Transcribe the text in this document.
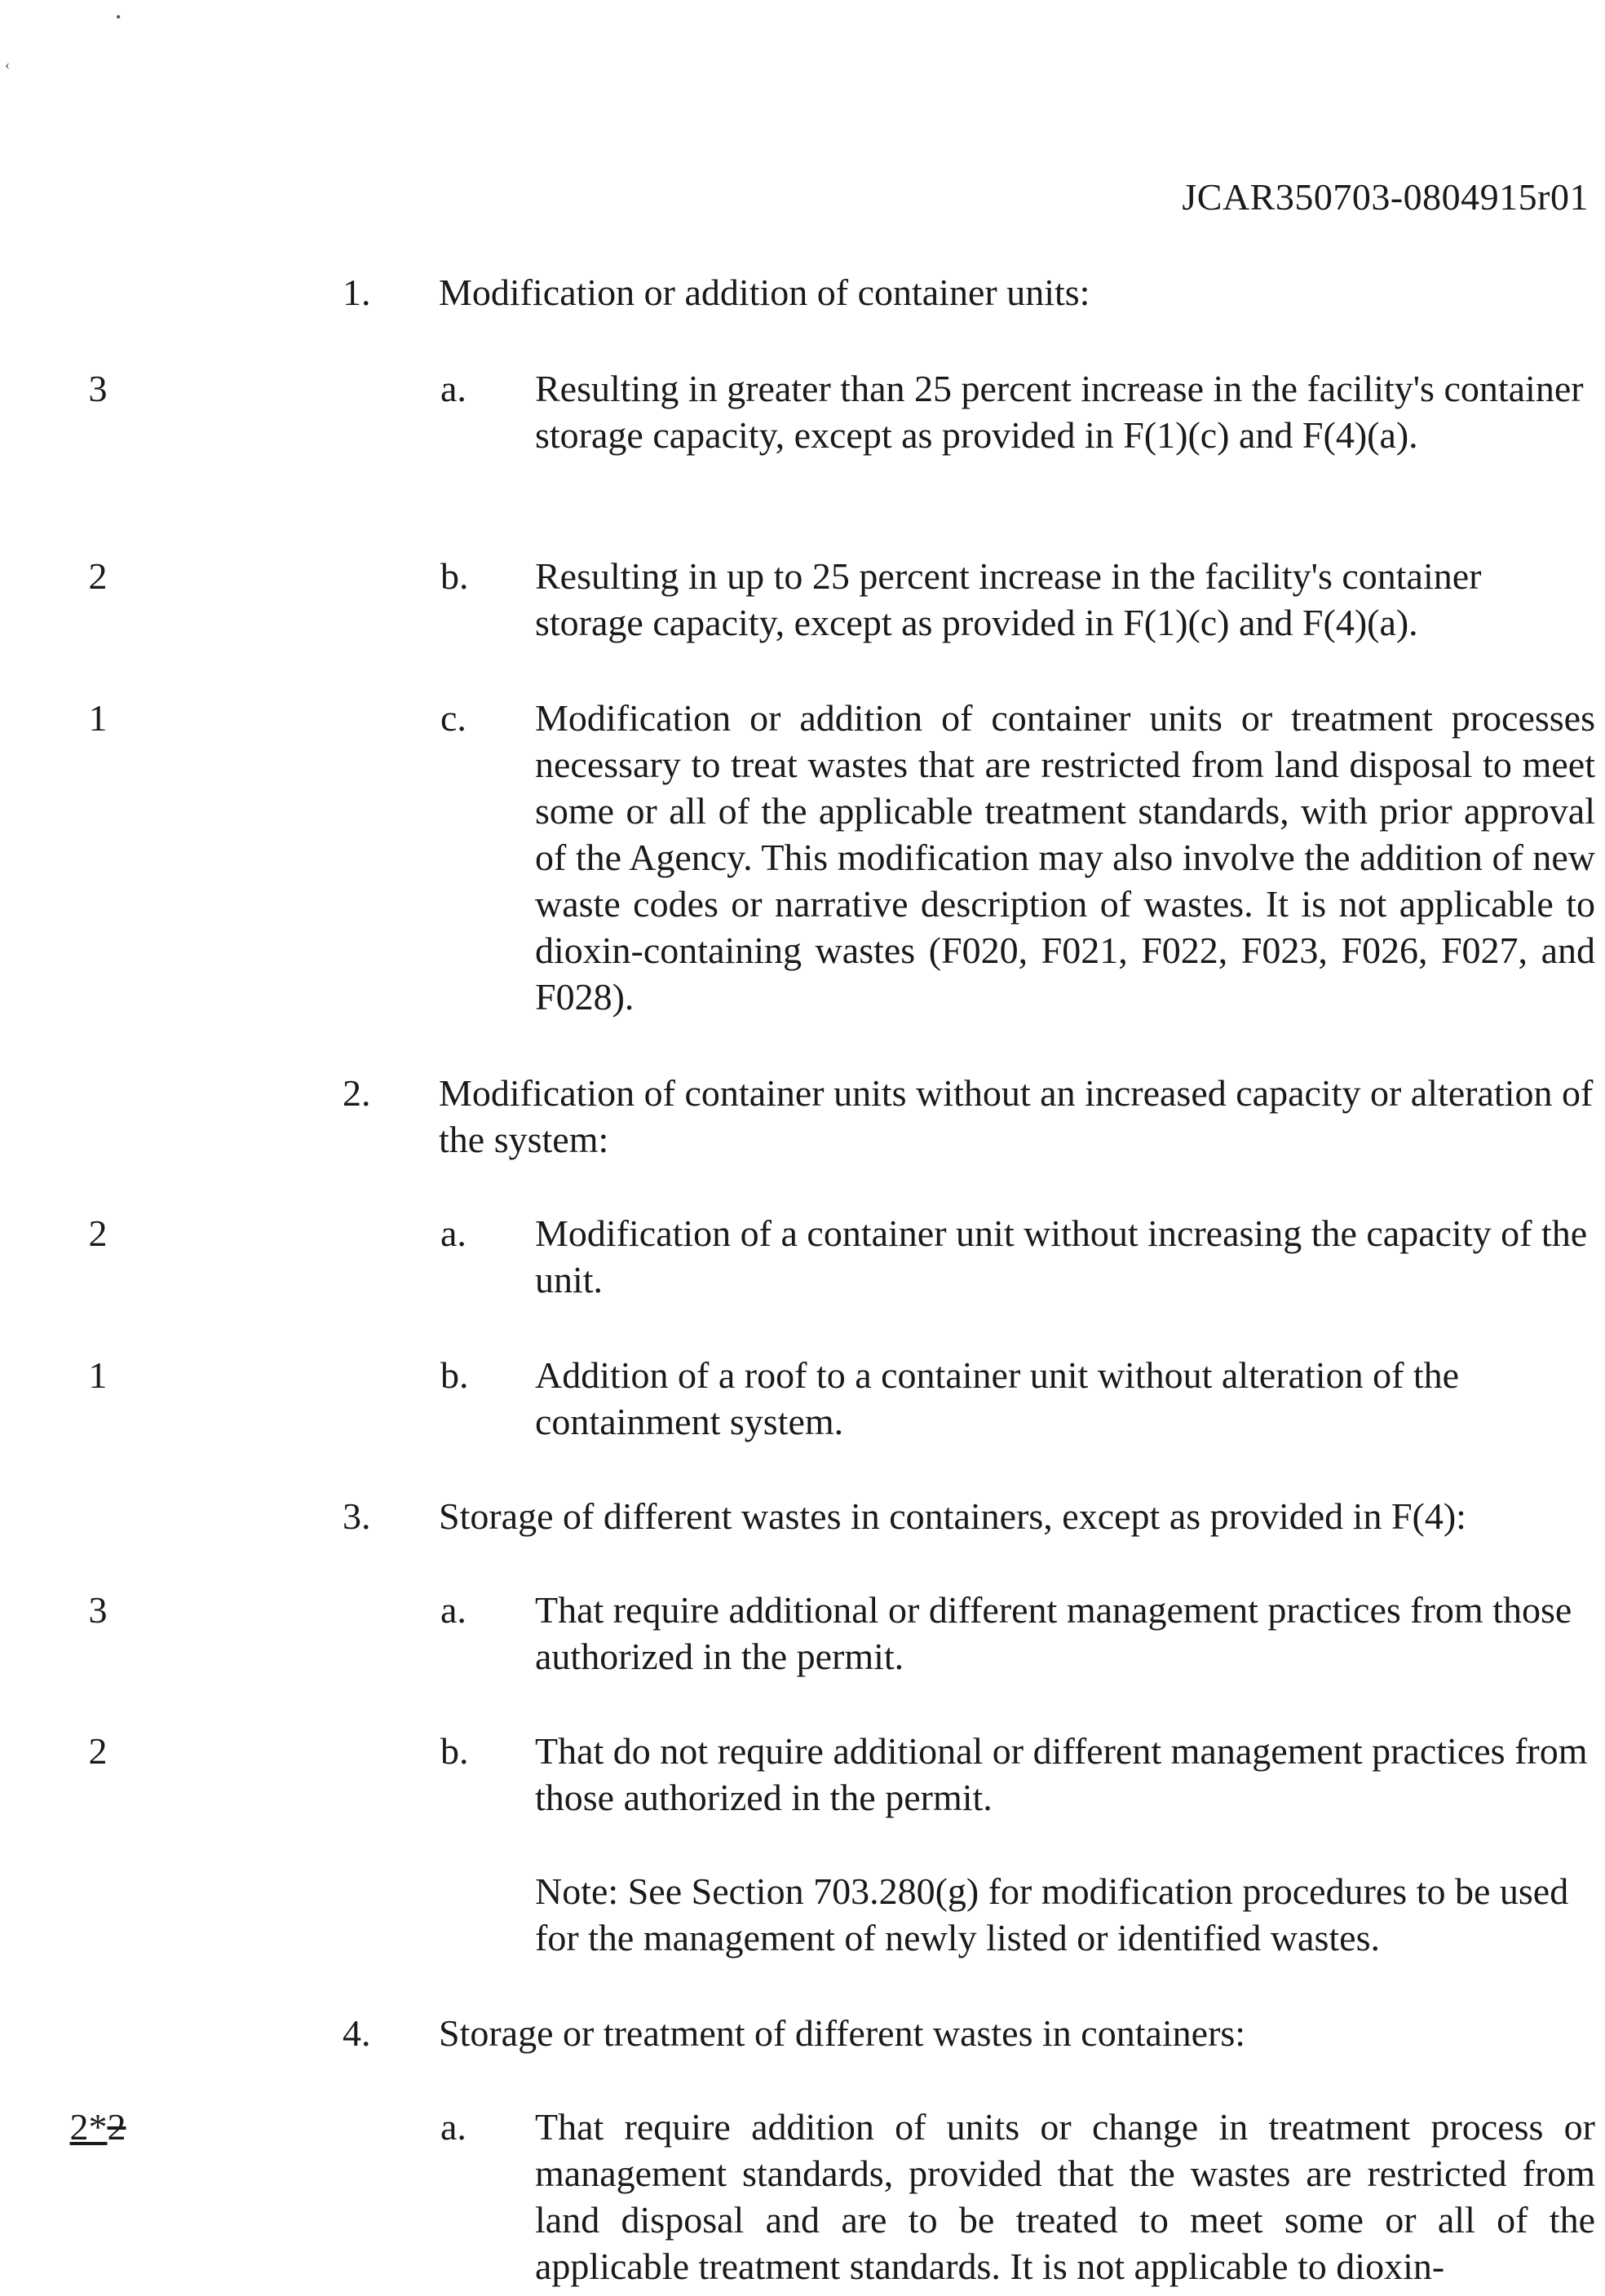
•
‹
JCAR350703-0804915r01
1.	Modification or addition of container units:
3	a.	Resulting in greater than 25 percent increase in the facility's container storage capacity, except as provided in F(1)(c) and F(4)(a).
2	b.	Resulting in up to 25 percent increase in the facility's container storage capacity, except as provided in F(1)(c) and F(4)(a).
1	c.	Modification or addition of container units or treatment processes necessary to treat wastes that are restricted from land disposal to meet some or all of the applicable treatment standards, with prior approval of the Agency. This modification may also involve the addition of new waste codes or narrative description of wastes. It is not applicable to dioxin-containing wastes (F020, F021, F022, F023, F026, F027, and F028).
2.	Modification of container units without an increased capacity or alteration of the system:
2	a.	Modification of a container unit without increasing the capacity of the unit.
1	b.	Addition of a roof to a container unit without alteration of the containment system.
3.	Storage of different wastes in containers, except as provided in F(4):
3	a.	That require additional or different management practices from those authorized in the permit.
2	b.	That do not require additional or different management practices from those authorized in the permit.
Note: See Section 703.280(g) for modification procedures to be used for the management of newly listed or identified wastes.
4.	Storage or treatment of different wastes in containers:
2*2	a.	That require addition of units or change in treatment process or management standards, provided that the wastes are restricted from land disposal and are to be treated to meet some or all of the applicable treatment standards. It is not applicable to dioxin-
